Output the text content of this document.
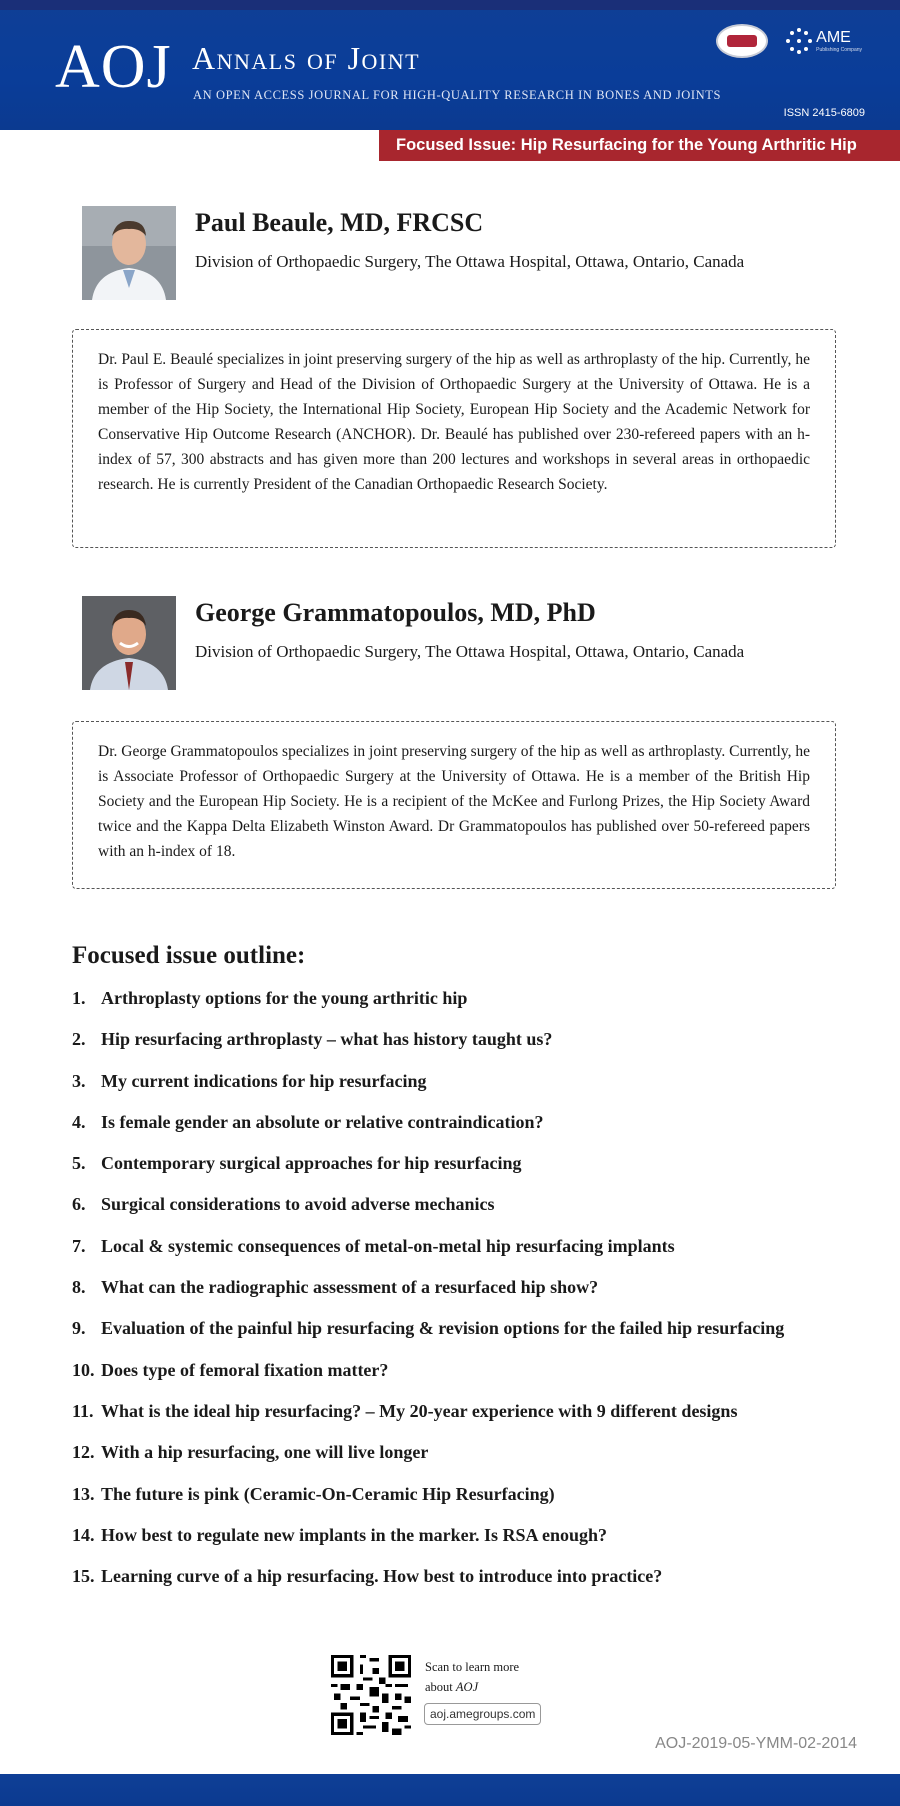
AOJ Annals of Joint
AN OPEN ACCESS JOURNAL FOR HIGH-QUALITY RESEARCH IN BONES AND JOINTS
AME
Publishing Company
ISSN 2415-6809
Focused Issue: Hip Resurfacing for the Young Arthritic Hip
Paul Beaule, MD, FRCSC
Division of Orthopaedic Surgery, The Ottawa Hospital, Ottawa, Ontario, Canada
Dr. Paul E. Beaulé specializes in joint preserving surgery of the hip as well as arthroplasty of the hip. Currently, he is Professor of Surgery and Head of the Division of Orthopaedic Surgery at the University of Ottawa. He is a member of the Hip Society, the International Hip Society, European Hip Society and the Academic Network for Conservative Hip Outcome Research (ANCHOR). Dr. Beaulé has published over 230-refereed papers with an h-index of 57, 300 abstracts and has given more than 200 lectures and workshops in several areas in orthopaedic research. He is currently President of the Canadian Orthopaedic Research Society.
George Grammatopoulos, MD, PhD
Division of Orthopaedic Surgery, The Ottawa Hospital, Ottawa, Ontario, Canada
Dr. George Grammatopoulos specializes in joint preserving surgery of the hip as well as arthroplasty. Currently, he is Associate Professor of Orthopaedic Surgery at the University of Ottawa. He is a member of the British Hip Society and the European Hip Society. He is a recipient of the McKee and Furlong Prizes, the Hip Society Award twice and the Kappa Delta Elizabeth Winston Award. Dr Grammatopoulos has published over 50-refereed papers with an h-index of 18.
Focused issue outline:
1. Arthroplasty options for the young arthritic hip
2. Hip resurfacing arthroplasty – what has history taught us?
3. My current indications for hip resurfacing
4. Is female gender an absolute or relative contraindication?
5. Contemporary surgical approaches for hip resurfacing
6. Surgical considerations to avoid adverse mechanics
7. Local & systemic consequences of metal-on-metal hip resurfacing implants
8. What can the radiographic assessment of a resurfaced hip show?
9. Evaluation of the painful hip resurfacing & revision options for the failed hip resurfacing
10. Does type of femoral fixation matter?
11. What is the ideal hip resurfacing? – My 20-year experience with 9 different designs
12. With a hip resurfacing, one will live longer
13. The future is pink (Ceramic-On-Ceramic Hip Resurfacing)
14. How best to regulate new implants in the marker. Is RSA enough?
15. Learning curve of a hip resurfacing. How best to introduce into practice?
Scan to learn more
about AOJ
aoj.amegroups.com
AOJ-2019-05-YMM-02-2014
